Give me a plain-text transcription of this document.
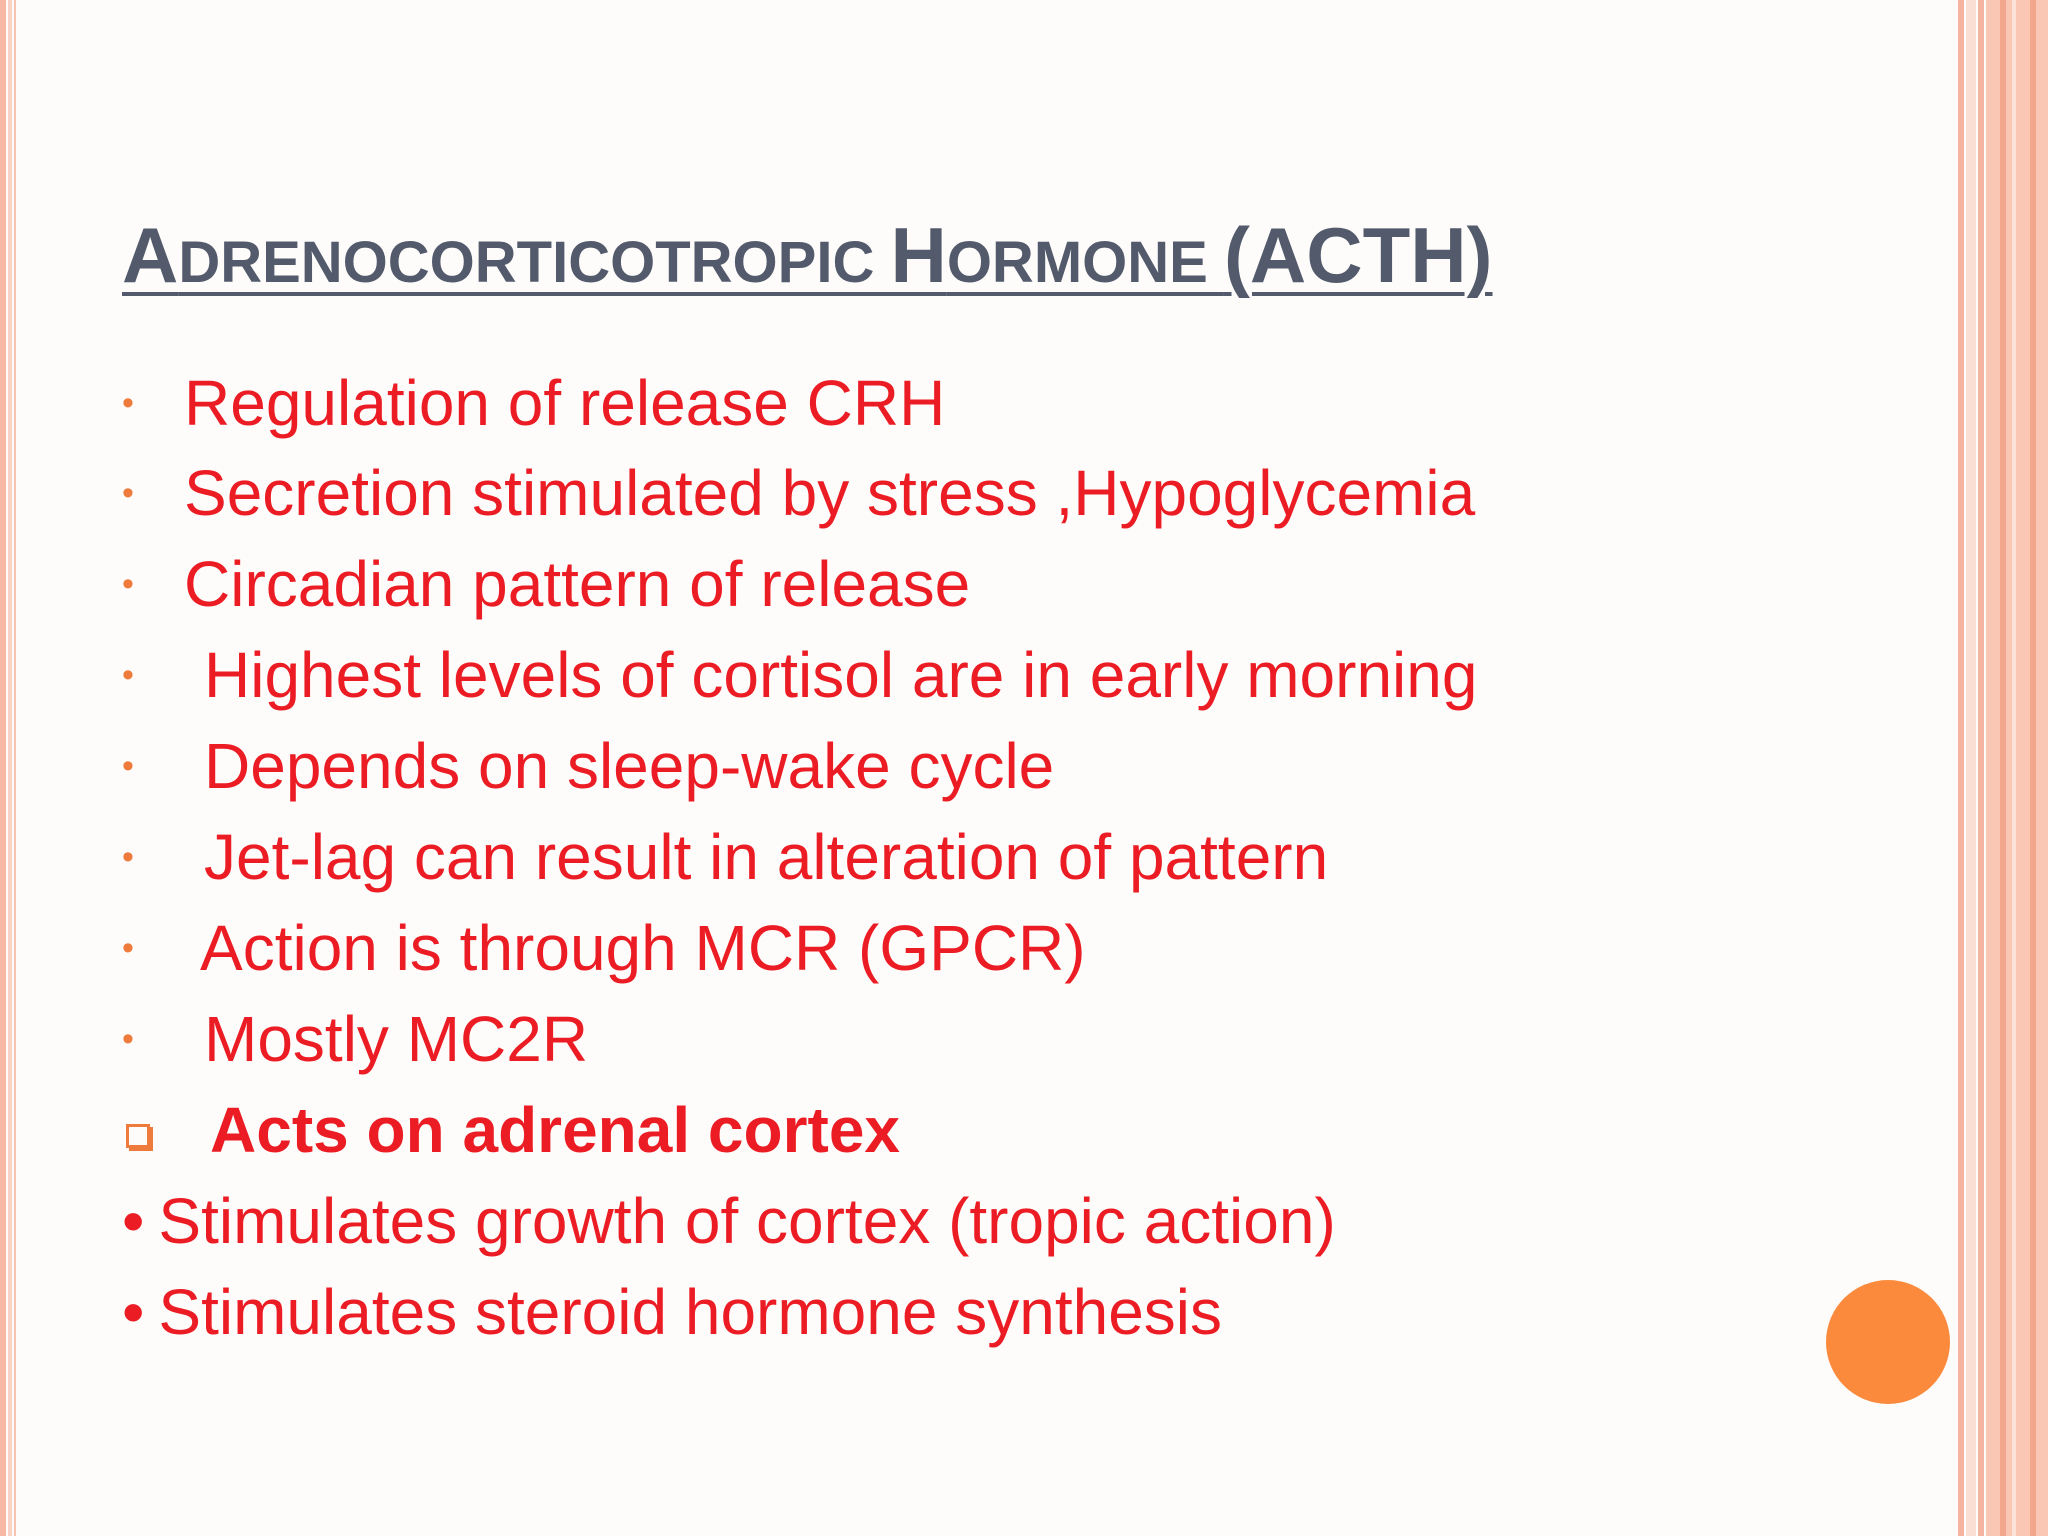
ADRENOCORTICOTROPIC HORMONE (ACTH)
• Regulation of release CRH
• Secretion stimulated by stress ,Hypoglycemia
• Circadian pattern of release
•	Highest levels of cortisol are in early morning
•	Depends on sleep-wake cycle
•	Jet-lag can result in alteration of pattern
•	Action is through MCR (GPCR)
•	Mostly MC2R
Acts on adrenal cortex
• Stimulates growth of cortex (tropic action)
• Stimulates steroid hormone synthesis
